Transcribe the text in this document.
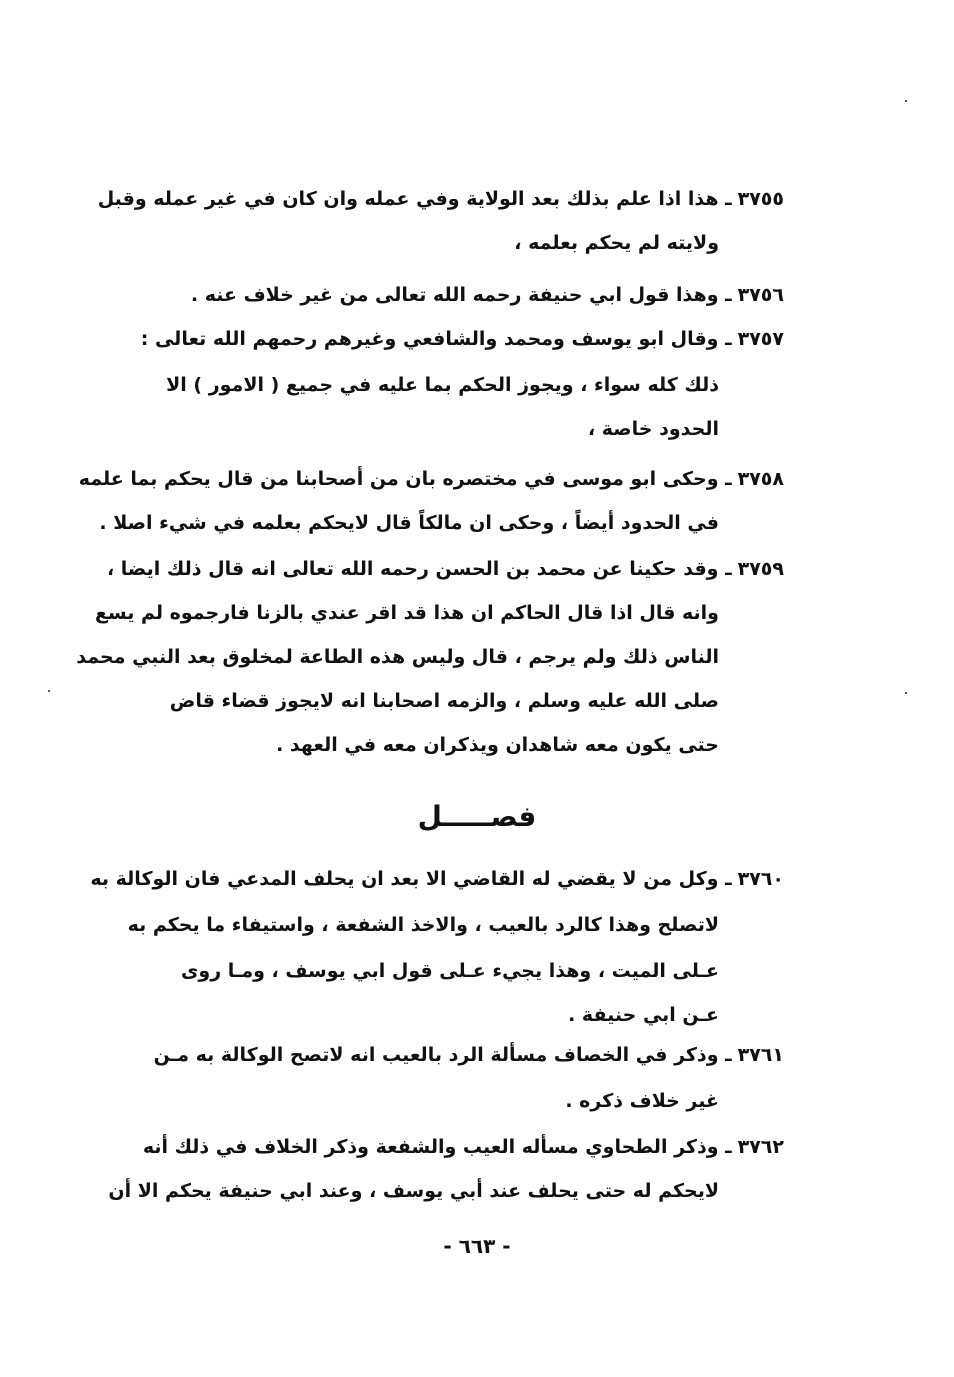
٣٧٥٥ـ هذا اذا علم بذلك بعد الولاية وفي عمله وان كان في غير عمله وقبل
ولايته لم يحكم بعلمه ،
٣٧٥٦ـ وهذا قول ابي حنيفة رحمه الله تعالى من غير خلاف عنه .
٣٧٥٧ـ وقال ابو يوسف ومحمد والشافعي وغيرهم رحمهم الله تعالى :
ذلك كله سواء ، ويجوز الحكم بما عليه في جميع ( الامور ) الا
الحدود خاصة ،
٣٧٥٨ـ وحكى ابو موسى في مختصره بان من أصحابنا من قال يحكم بما علمه
في الحدود أيضاً ، وحكى ان مالكاً قال لايحكم بعلمه في شيء اصلا .
٣٧٥٩ـ وقد حكينا عن محمد بن الحسن رحمه الله تعالى انه قال ذلك ايضا ،
وانه قال اذا قال الحاكم ان هذا قد اقر عندي بالزنا فارجموه لم يسع
الناس ذلك ولم يرجم ، قال وليس هذه الطاعة لمخلوق بعد النبي محمد
صلى الله عليه وسلم ، والزمه اصحابنا انه لايجوز قضاء قاض
حتى يكون معه شاهدان ويذكران معه في العهد .
فصـــــل
٣٧٦٠ـ وكل من لا يقضي له القاضي الا بعد ان يحلف المدعي فان الوكالة به
لاتصلح وهذا كالرد بالعيب ، والاخذ الشفعة ، واستيفاء ما يحكم به
عـلى الميت ، وهذا يجيء عـلى قول ابي يوسف ، ومـا روى
عـن ابي حنيفة .
٣٧٦١ـ وذكر في الخصاف مسألة الرد بالعيب انه لاتصح الوكالة به مـن
غير خلاف ذكره .
٣٧٦٢ـ وذكر الطحاوي مسأله العيب والشفعة وذكر الخلاف في ذلك أنه
لايحكم له حتى يحلف عند أبي يوسف ، وعند ابي حنيفة يحكم الا أن
- ٦٦٣ -
